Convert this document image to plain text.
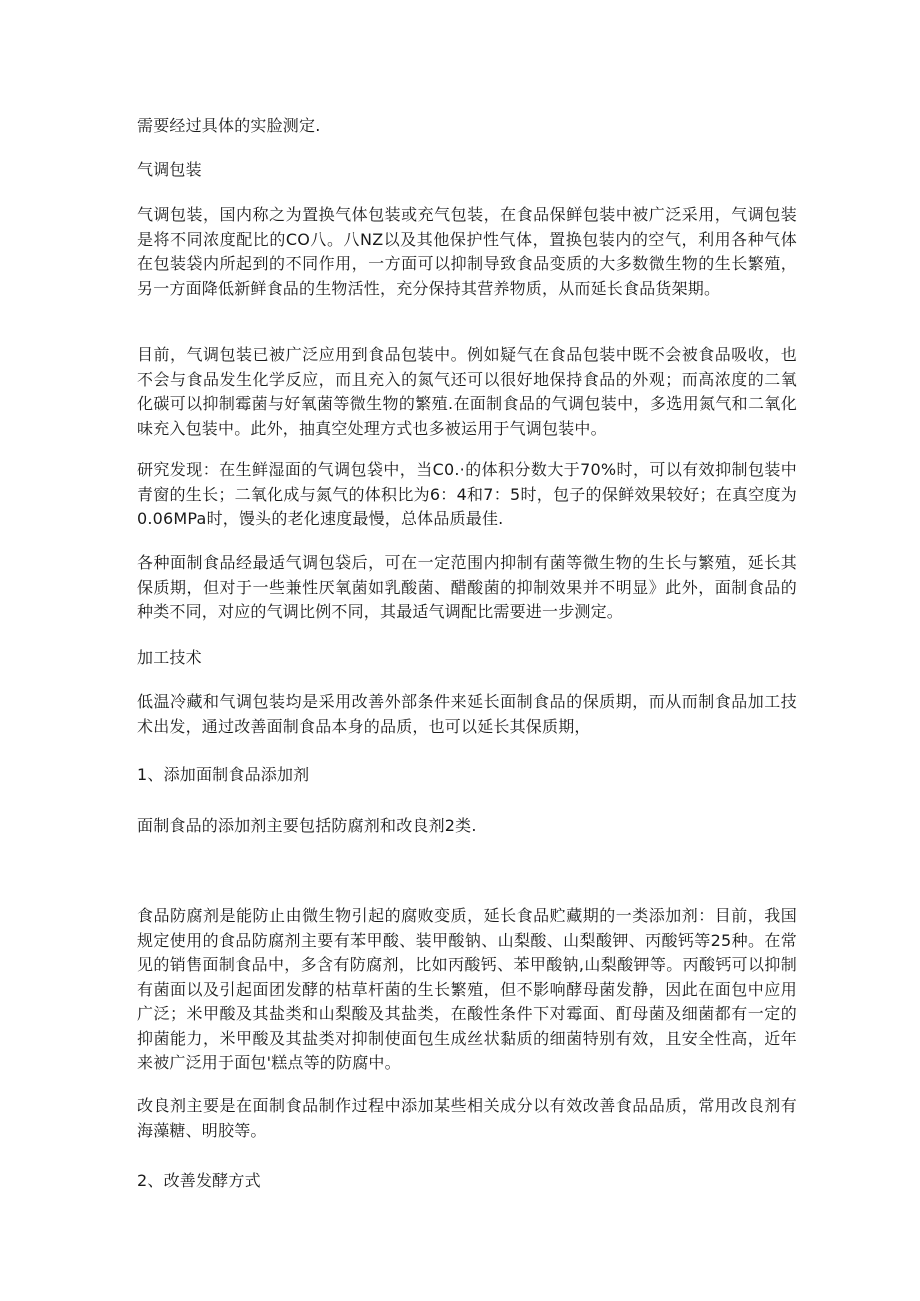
需要经过具体的实脸测定.

气调包装

气调包装，国内称之为置换气体包装或充气包装，在食品保鲜包装中被广泛采用，气调包装是将不同浓度配比的CO八。八NZ以及其他保护性气体，置换包装内的空气，利用各种气体在包装袋内所起到的不同作用，一方面可以抑制导致食品变质的大多数微生物的生长繁殖，另一方面降低新鲜食品的生物活性，充分保持其营养物质，从而延长食品货架期。

目前，气调包装已被广泛应用到食品包装中。例如疑气在食品包装中既不会被食品吸收，也不会与食品发生化学反应，而且充入的氮气还可以很好地保持食品的外观；而高浓度的二氧化碳可以抑制霉菌与好氧菌等微生物的繁殖.在面制食品的气调包装中，多选用氮气和二氧化味充入包装中。此外，抽真空处理方式也多被运用于气调包装中。

研究发现：在生鲜湿面的气调包袋中，当C0.·的体积分数大于70%时，可以有效抑制包装中青窗的生长；二氧化成与氮气的体积比为6：4和7：5时，包子的保鲜效果较好；在真空度为0.06MPa时，馒头的老化速度最慢，总体品质最佳.

各种面制食品经最适气调包袋后，可在一定范围内抑制有菌等微生物的生长与繁殖，延长其保质期，但对于一些兼性厌氧菌如乳酸菌、醋酸菌的抑制效果并不明显》此外，面制食品的种类不同，对应的气调比例不同，其最适气调配比需要进一步测定。

加工技术

低温冷藏和气调包装均是采用改善外部条件来延长面制食品的保质期，而从而制食品加工技术出发，通过改善面制食品本身的品质，也可以延长其保质期，

1、添加面制食品添加剂

面制食品的添加剂主要包括防腐剂和改良剂2类.

食品防腐剂是能防止由微生物引起的腐败变质，延长食品贮藏期的一类添加剂：目前，我国规定使用的食品防腐剂主要有苯甲酸、装甲酸钠、山梨酸、山梨酸钾、丙酸钙等25种。在常见的销售面制食品中，多含有防腐剂，比如丙酸钙、苯甲酸钠,山梨酸钾等。丙酸钙可以抑制有菌面以及引起面团发酵的枯草杆菌的生长繁殖，但不影响酵母菌发静，因此在面包中应用广泛；米甲酸及其盐类和山梨酸及其盐类，在酸性条件下对霉面、酊母菌及细菌都有一定的抑菌能力，米甲酸及其盐类对抑制使面包生成丝状黏质的细菌特别有效，且安全性高，近年来被广泛用于面包'糕点等的防腐中。

改良剂主要是在面制食品制作过程中添加某些相关成分以有效改善食品品质，常用改良剂有海藻糖、明胶等。

2、改善发酵方式
